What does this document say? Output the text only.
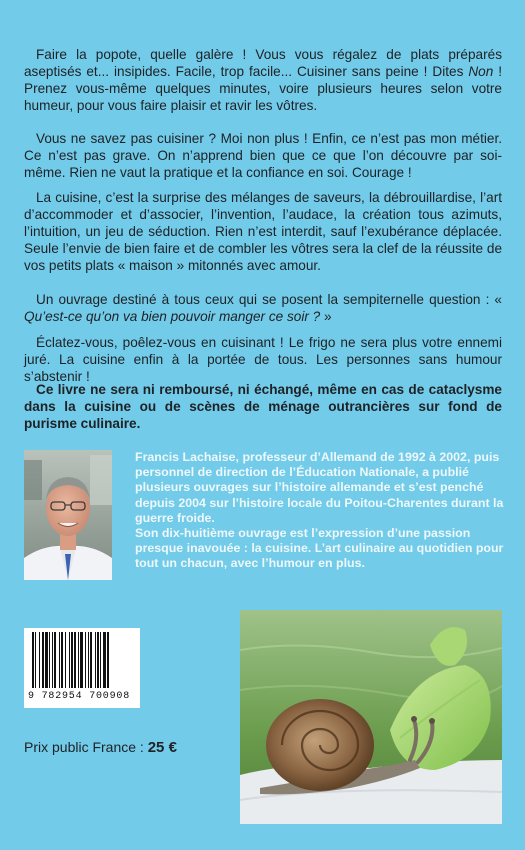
Faire la popote, quelle galère ! Vous vous régalez de plats préparés aseptisés et... insipides. Facile, trop facile... Cuisiner sans peine ! Dites Non ! Prenez vous-même quelques minutes, voire plusieurs heures selon votre humeur, pour vous faire plaisir et ravir les vôtres.

Vous ne savez pas cuisiner ? Moi non plus ! Enfin, ce n’est pas mon métier. Ce n’est pas grave. On n’apprend bien que ce que l’on découvre par soi-même. Rien ne vaut la pratique et la confiance en soi. Courage !

La cuisine, c’est la surprise des mélanges de saveurs, la débrouillardise, l’art d’accommoder et d’associer, l’invention, l’audace, la création tous azimuts, l’intuition, un jeu de séduction. Rien n’est interdit, sauf l’exubérance déplacée. Seule l’envie de bien faire et de combler les vôtres sera la clef de la réussite de vos petits plats « maison » mitonnés avec amour.

Un ouvrage destiné à tous ceux qui se posent la sempiternelle question : « Qu’est-ce qu’on va bien pouvoir manger ce soir ? »

Éclatez-vous, poêlez-vous en cuisinant ! Le frigo ne sera plus votre ennemi juré. La cuisine enfin à la portée de tous. Les personnes sans humour s’abstenir !

Ce livre ne sera ni remboursé, ni échangé, même en cas de cataclysme dans la cuisine ou de scènes de ménage outrancières sur fond de purisme culinaire.

Francis Lachaise, professeur d’Allemand de 1992 à 2002, puis personnel de direction de l’Éducation Nationale, a publié plusieurs ouvrages sur l’histoire allemande et s’est penché depuis 2004 sur l’histoire locale du Poitou-Charentes durant la guerre froide.
Son dix-huitième ouvrage est l’expression d’une passion presque inavouée : la cuisine. L’art culinaire au quotidien pour tout un chacun, avec l’humour en plus.

9 782954 700908
Prix public France : 25 €
